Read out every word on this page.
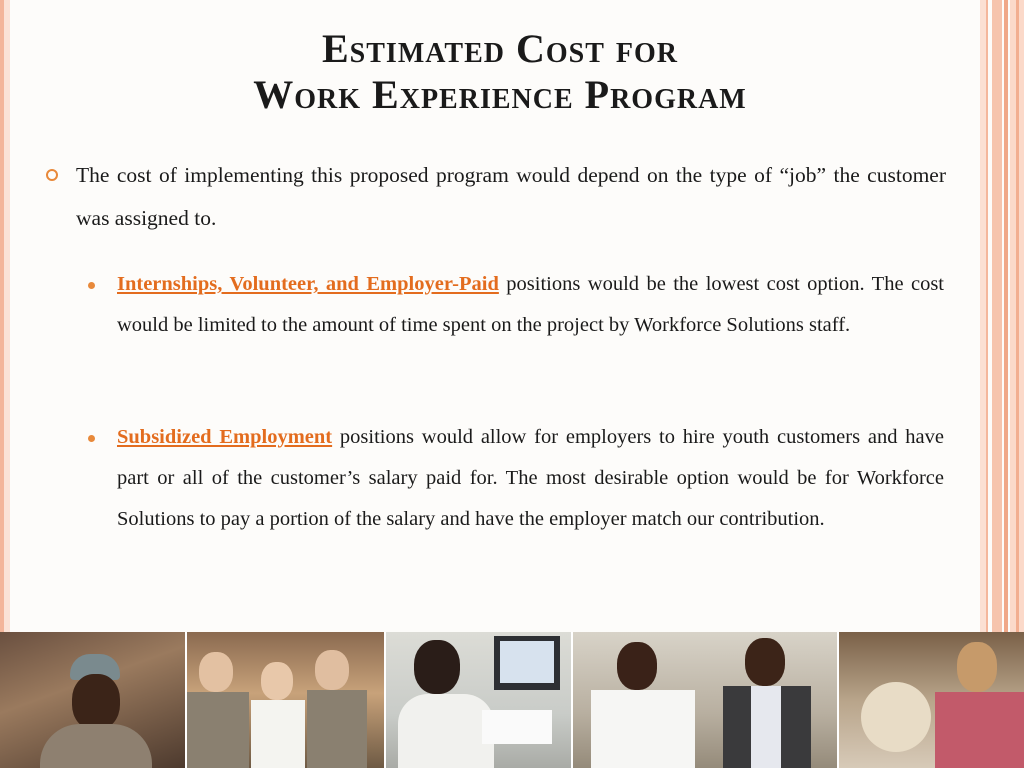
Estimated Cost for
Work Experience Program
The cost of implementing this proposed program would depend on the type of “job” the customer was assigned to.
Internships, Volunteer, and Employer-Paid positions would be the lowest cost option. The cost would be limited to the amount of time spent on the project by Workforce Solutions staff.
Subsidized Employment positions would allow for employers to hire youth customers and have part or all of the customer’s salary paid for. The most desirable option would be for Workforce Solutions to pay a portion of the salary and have the employer match our contribution.
